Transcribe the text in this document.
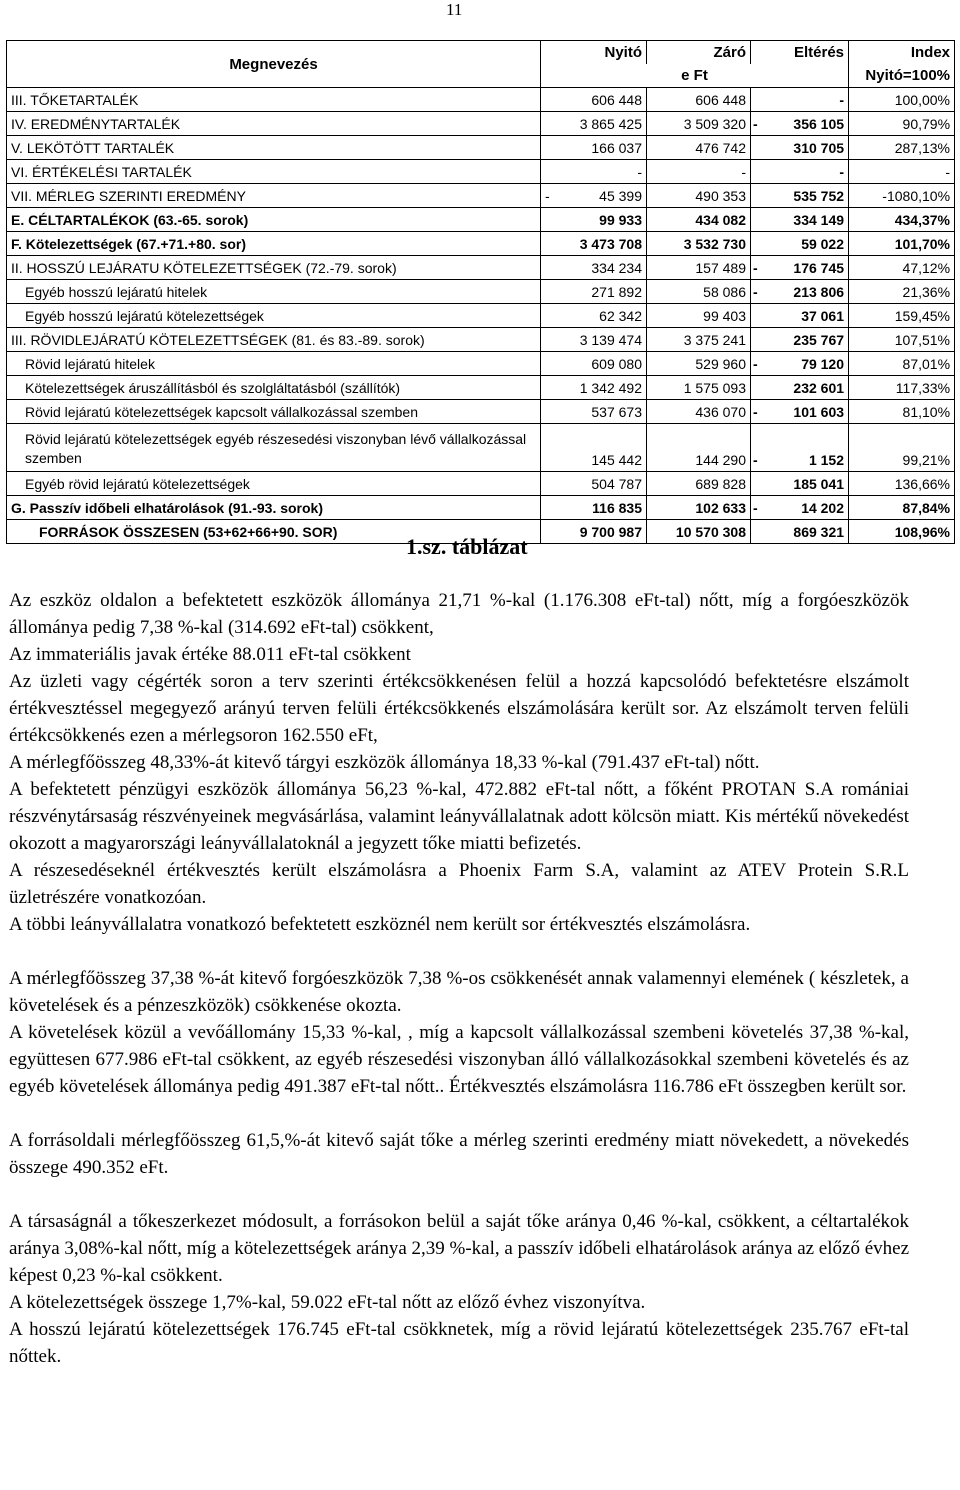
11
Megnevezés	Nyitó	Záró	Eltérés		Index
	e Ft				Nyitó=100%
III. TŐKETARTALÉK	606 448	606 448		-	100,00%
IV. EREDMÉNYTARTALÉK	3 865 425	3 509 320	-	356 105	90,79%
V. LEKÖTÖTT TARTALÉK	166 037	476 742		310 705	287,13%
VI. ÉRTÉKELÉSI TARTALÉK	-	-		-	-
VII. MÉRLEG SZERINTI EREDMÉNY	- 45 399	490 353		535 752	-1080,10%
E. CÉLTARTALÉKOK (63.-65. sorok)	99 933	434 082		334 149	434,37%
F. Kötelezettségek (67.+71.+80. sor)	3 473 708	3 532 730		59 022	101,70%
II. HOSSZÚ LEJÁRATU KÖTELEZETTSÉGEK (72.-79. sorok)	334 234	157 489	-	176 745	47,12%
Egyéb hosszú lejáratú hitelek	271 892	58 086	-	213 806	21,36%
Egyéb hosszú lejáratú kötelezettségek	62 342	99 403		37 061	159,45%
III. RÖVIDLEJÁRATÚ KÖTELEZETTSÉGEK (81. és 83.-89. sorok)	3 139 474	3 375 241		235 767	107,51%
Rövid lejáratú hitelek	609 080	529 960	-	79 120	87,01%
Kötelezettségek áruszállításból és szolgláltatásból (szállítók)	1 342 492	1 575 093		232 601	117,33%
Rövid lejáratú kötelezettségek kapcsolt vállalkozással szemben	537 673	436 070	-	101 603	81,10%
Rövid lejáratú kötelezettségek egyéb részesedési viszonyban lévő vállalkozással szemben	145 442	144 290	-	1 152	99,21%
Egyéb rövid lejáratú kötelezettségek	504 787	689 828		185 041	136,66%
G. Passzív időbeli elhatárolások (91.-93. sorok)	116 835	102 633	-	14 202	87,84%
FORRÁSOK ÖSSZESEN (53+62+66+90. SOR)	9 700 987	10 570 308		869 321	108,96%
1.sz. táblázat

Az eszköz oldalon a befektetett eszközök állománya 21,71 %-kal (1.176.308 eFt-tal) nőtt, míg a forgóeszközök állománya pedig 7,38 %-kal (314.692 eFt-tal) csökkent,

Az immateriális javak értéke 88.011 eFt-tal csökkent

Az üzleti vagy cégérték soron a terv szerinti értékcsökkenésen felül a hozzá kapcsolódó befektetésre elszámolt értékvesztéssel megegyező arányú terven felüli értékcsökkenés elszámolására került sor. Az elszámolt terven felüli értékcsökkenés ezen a mérlegsoron 162.550 eFt,

A mérlegfőösszeg 48,33%-át kitevő tárgyi eszközök állománya 18,33 %-kal (791.437 eFt-tal) nőtt.

A befektetett pénzügyi eszközök állománya 56,23 %-kal, 472.882 eFt-tal nőtt, a főként PROTAN S.A romániai részvénytársaság részvényeinek megvásárlása, valamint leányvállalatnak adott kölcsön miatt. Kis mértékű növekedést okozott a magyarországi leányvállalatoknál a jegyzett tőke miatti befizetés.

A részesedéseknél értékvesztés került elszámolásra a Phoenix Farm S.A, valamint az ATEV Protein S.R.L üzletrészére vonatkozóan.

A többi leányvállalatra vonatkozó befektetett eszköznél nem került sor értékvesztés elszámolásra.

A mérlegfőösszeg 37,38 %-át kitevő forgóeszközök 7,38 %-os csökkenését annak valamennyi elemének ( készletek, a követelések és a pénzeszközök) csökkenése okozta.

A követelések közül a vevőállomány 15,33 %-kal, , míg a kapcsolt vállalkozással szembeni követelés 37,38 %-kal, együttesen 677.986 eFt-tal csökkent, az egyéb részesedési viszonyban álló vállalkozásokkal szembeni követelés és az egyéb követelések állománya pedig 491.387 eFt-tal nőtt.. Értékvesztés elszámolásra 116.786 eFt összegben került sor.

A forrásoldali mérlegfőösszeg 61,5,%-át kitevő saját tőke a mérleg szerinti eredmény miatt növekedett, a növekedés összege 490.352 eFt.

A társaságnál a tőkeszerkezet módosult, a forrásokon belül a saját tőke aránya 0,46 %-kal, csökkent, a céltartalékok aránya 3,08%-kal nőtt, míg a kötelezettségek aránya 2,39 %-kal, a passzív időbeli elhatárolások aránya az előző évhez képest 0,23 %-kal csökkent.

A kötelezettségek összege 1,7%-kal, 59.022 eFt-tal nőtt az előző évhez viszonyítva.

A hosszú lejáratú kötelezettségek 176.745 eFt-tal csökknetek, míg a rövid lejáratú kötelezettségek 235.767 eFt-tal nőttek.
